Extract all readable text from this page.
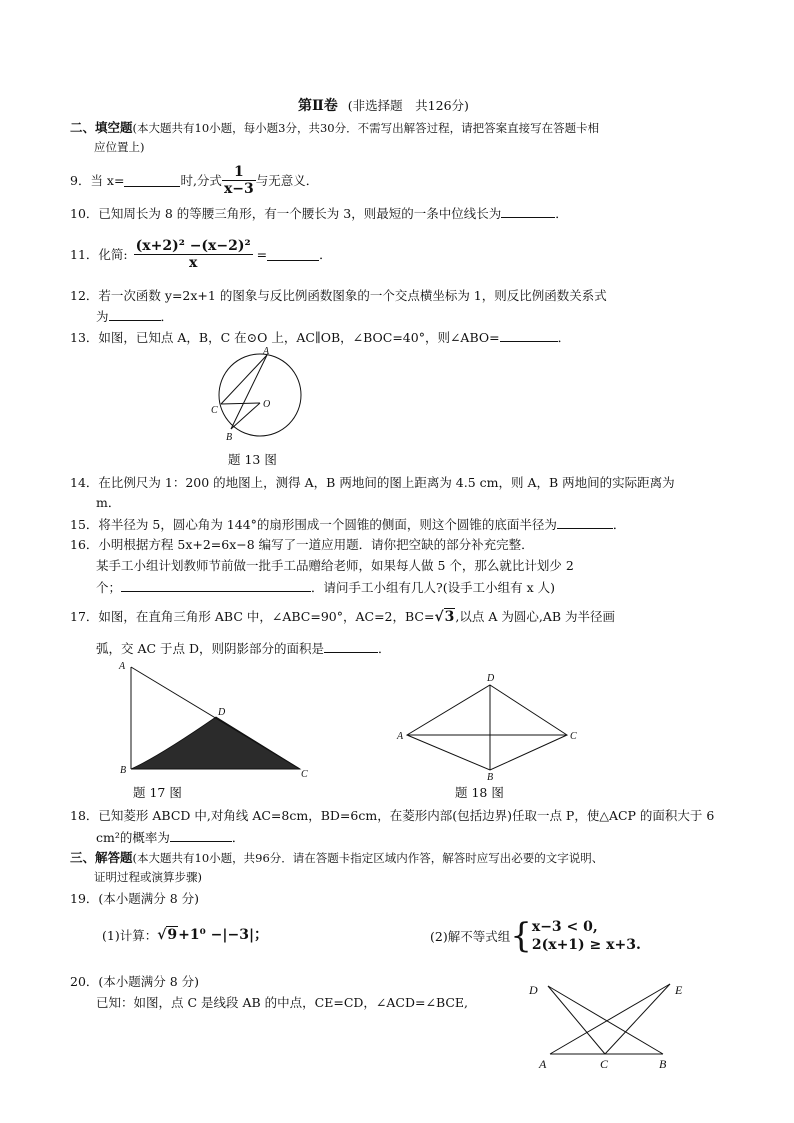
第Ⅱ卷 (非选择题　共126分)
二、填空题(本大题共有10小题，每小题3分，共30分．不需写出解答过程，请把答案直接写在答题卡相
应位置上)
9．当 x=	时,分式 $\frac{1}{x-3}$ 与无意义．
10．已知周长为 8 的等腰三角形，有一个腰长为 3，则最短的一条中位线长为	．
11．化简: $\frac{\text{(x+2)² −(x−2)²}}{x}$ =	．
12．若一次函数 y=2x+1 的图象与反比例函数图象的一个交点横坐标为 1，则反比例函数关系式
为	．
13．如图，已知点 A，B，C 在⊙O 上，AC∥OB，∠BOC=40°，则∠ABO=	．
A
B
C
O
题 13 图
14．在比例尺为 1：200 的地图上，测得 A，B 两地间的图上距离为 4.5 cm，则 A，B 两地间的实际距离为
m．
15．将半径为 5，圆心角为 144°的扇形围成一个圆锥的侧面，则这个圆锥的底面半径为	．
16．小明根据方程 5x+2=6x−8 编写了一道应用题．请你把空缺的部分补充完整．
某手工小组计划教师节前做一批手工品赠给老师，如果每人做 5 个，那么就比计划少 2
个；	．请问手工小组有几人?(设手工小组有 x 人)
17．如图，在直角三角形 ABC 中，∠ABC=90°，AC=2，BC=√3,以点 A 为圆心,AB 为半径画
弧，交 AC 于点 D，则阴影部分的面积是	．
A
B	C
D
题 17 图
D
B
A	C
题 18 图
18．已知菱形 ABCD 中,对角线 AC=8cm，BD=6cm，在菱形内部(包括边界)任取一点 P，使△ACP 的面积大于 6
cm²的概率为	．
三、解答题(本大题共有10小题，共96分．请在答题卡指定区域内作答，解答时应写出必要的文字说明、
证明过程或演算步骤)
19．(本小题满分 8 分)
(1)计算： √9 +1⁰ −|−3|；	(2)解不等式组 { x−3 < 0,
2(x+1) ≥ x+3.
20．(本小题满分 8 分)
已知：如图，点 C 是线段 AB 的中点，CE=CD，∠ACD=∠BCE,
D	E
A	C	B
